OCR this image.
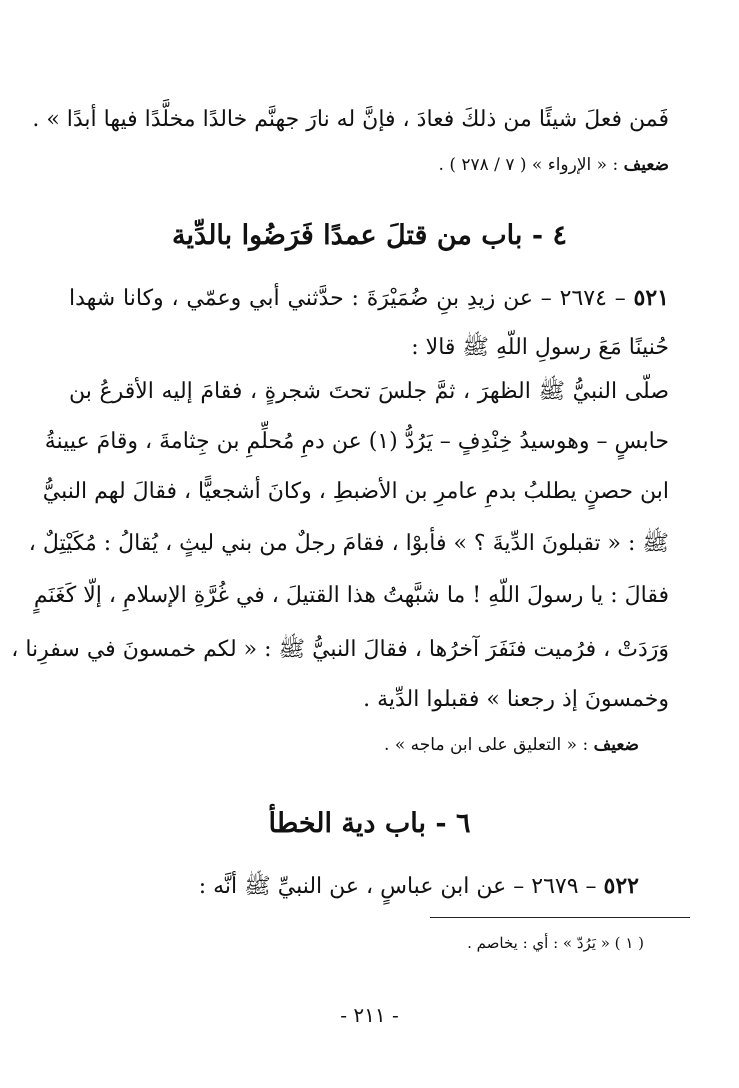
فَمن فعلَ شيئًا من ذلكَ فعادَ ، فإنَّ له نارَ جهنَّم خالدًا مخلَّدًا فيها أبدًا » .
ضعيف : « الإرواء » ( ٧ / ٢٧٨ ) .
٤ - باب من قتلَ عمدًا فَرَضُوا بالدِّية
٥٢١ – ٢٦٧٤ – عن زيدِ بنِ ضُمَيْرَةَ : حدَّثني أبي وعمّي ، وكانا شهدا
حُنينًا مَعَ رسولِ اللّهِ ﷺ قالا :
صلّى النبيُّ ﷺ الظهرَ ، ثمَّ جلسَ تحتَ شجرةٍ ، فقامَ إليه الأقرعُ بن
حابسٍ – وهوسيدُ خِنْدِفٍ – يَرُدُّ (١) عن دمِ مُحلِّمِ بن جِثامةَ ، وقامَ عيينةُ
ابن حصنٍ يطلبُ بدمِ عامرِ بن الأضبطِ ، وكانَ أشجعيًّا ، فقالَ لهم النبيُّ
ﷺ : « تقبلونَ الدِّيةَ ؟ » فأبوْا ، فقامَ رجلٌ من بني ليثٍ ، يُقالُ : مُكَيْتِلٌ ،
فقالَ : يا رسولَ اللّهِ ! ما شبَّهتُ هذا القتيلَ ، في غُرَّةِ الإسلامِ ، إلّا كَغَنَمٍ
وَرَدَتْ ، فرُميت فنَفَرَ آخرُها ، فقالَ النبيُّ ﷺ : « لكم خمسونَ في سفرِنا ،
وخمسونَ إذ رجعنا » فقبلوا الدِّية .
ضعيف : « التعليق على ابن ماجه » .
٦ - باب دية الخطأ
٥٢٢ – ٢٦٧٩ – عن ابن عباسٍ ، عن النبيِّ ﷺ أنَّه :
( ١ ) « يَرُدّ » : أي : يخاصم .
- ٢١١ -
